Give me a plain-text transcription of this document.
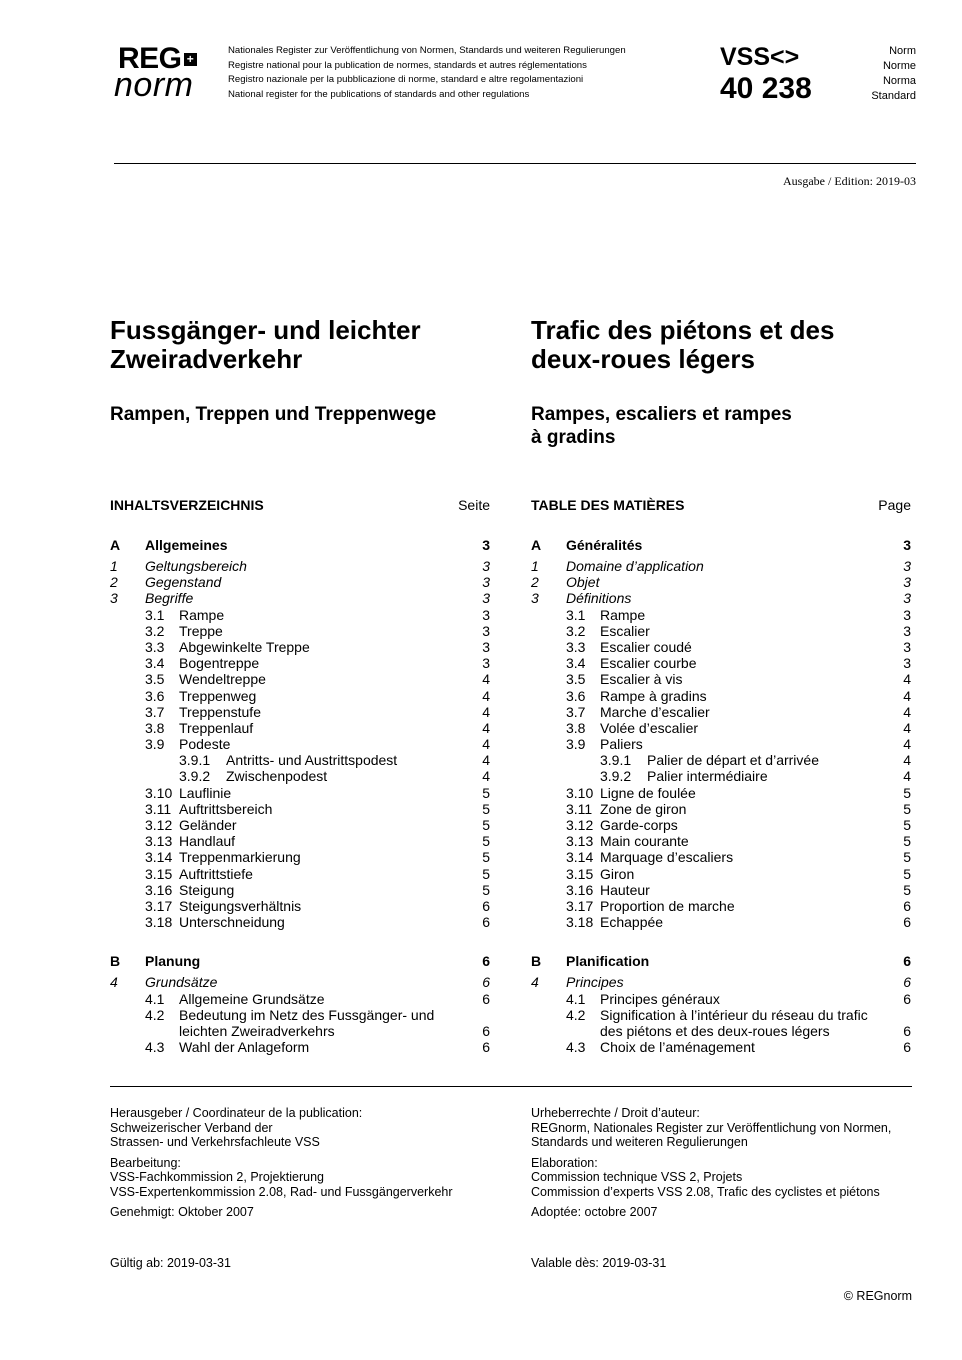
REG +
norm
Nationales Register zur Veröffentlichung von Normen, Standards und weiteren Regulierungen
Registre national pour la publication de normes, standards et autres réglementations
Registro nazionale per la pubblicazione di norme, standard e altre regolamentazioni
National register for the publications of standards and other regulations
VSS<>
40 238
Norm
Norme
Norma
Standard
Ausgabe / Edition: 2019-03
Fussgänger- und leichter
Zweiradverkehr
Trafic des piétons et des
deux-roues légers
Rampen, Treppen und Treppenwege	Rampes, escaliers et rampes
à gradins
INHALTSVERZEICHNIS	Seite
A	Allgemeines	3
1	Geltungsbereich	3
2	Gegenstand	3
3	Begriffe	3
3.1 Rampe	3
3.2 Treppe	3
3.3 Abgewinkelte Treppe	3
3.4 Bogentreppe	3
3.5 Wendeltreppe	4
3.6 Treppenweg	4
3.7 Treppenstufe	4
3.8 Treppenlauf	4
3.9 Podeste	4
3.9.1 Antritts- und Austrittspodest	4
3.9.2 Zwischenpodest	4
3.10 Lauflinie	5
3.11 Auftrittsbereich	5
3.12 Geländer	5
3.13 Handlauf	5
3.14 Treppenmarkierung	5
3.15 Auftrittstiefe	5
3.16 Steigung	5
3.17 Steigungsverhältnis	6
3.18 Unterschneidung	6
B	Planung	6
4	Grundsätze	6
4.1 Allgemeine Grundsätze	6
4.2	Bedeutung im Netz des Fussgänger- und
leichten Zweiradverkehrs	6
4.3 Wahl der Anlageform	6
TABLE DES MATIÈRES	Page
A	Généralités	3
1	Domaine d’application	3
2	Objet	3
3	Définitions	3
3.1 Rampe	3
3.2 Escalier	3
3.3 Escalier coudé	3
3.4 Escalier courbe	3
3.5 Escalier à vis	4
3.6 Rampe à gradins	4
3.7 Marche d’escalier	4
3.8 Volée d’escalier	4
3.9 Paliers	4
3.9.1 Palier de départ et d’arrivée	4
3.9.2 Palier intermédiaire	4
3.10 Ligne de foulée	5
3.11 Zone de giron	5
3.12 Garde-corps	5
3.13 Main courante	5
3.14 Marquage d’escaliers	5
3.15 Giron	5
3.16 Hauteur	5
3.17 Proportion de marche	6
3.18 Echappée	6
B	Planification	6
4	Principes	6
4.1 Principes généraux	6
4.2	Signification à l’intérieur du réseau du trafic
des piétons et des deux-roues légers	6
4.3 Choix de l’aménagement	6
Herausgeber / Coordinateur de la publication:
Schweizerischer Verband der
Strassen- und Verkehrsfachleute VSS
Bearbeitung:
VSS-Fachkommission 2, Projektierung
VSS-Expertenkommission 2.08, Rad- und Fussgängerverkehr
Genehmigt: Oktober 2007
Urheberrechte / Droit d’auteur:
REGnorm, Nationales Register zur Veröffentlichung von Normen,
Standards und weiteren Regulierungen
Elaboration:
Commission technique VSS 2, Projets
Commission d’experts VSS 2.08, Trafic des cyclistes et piétons
Adoptée: octobre 2007
Gültig ab: 2019-03-31	Valable dès: 2019-03-31
© REGnorm
